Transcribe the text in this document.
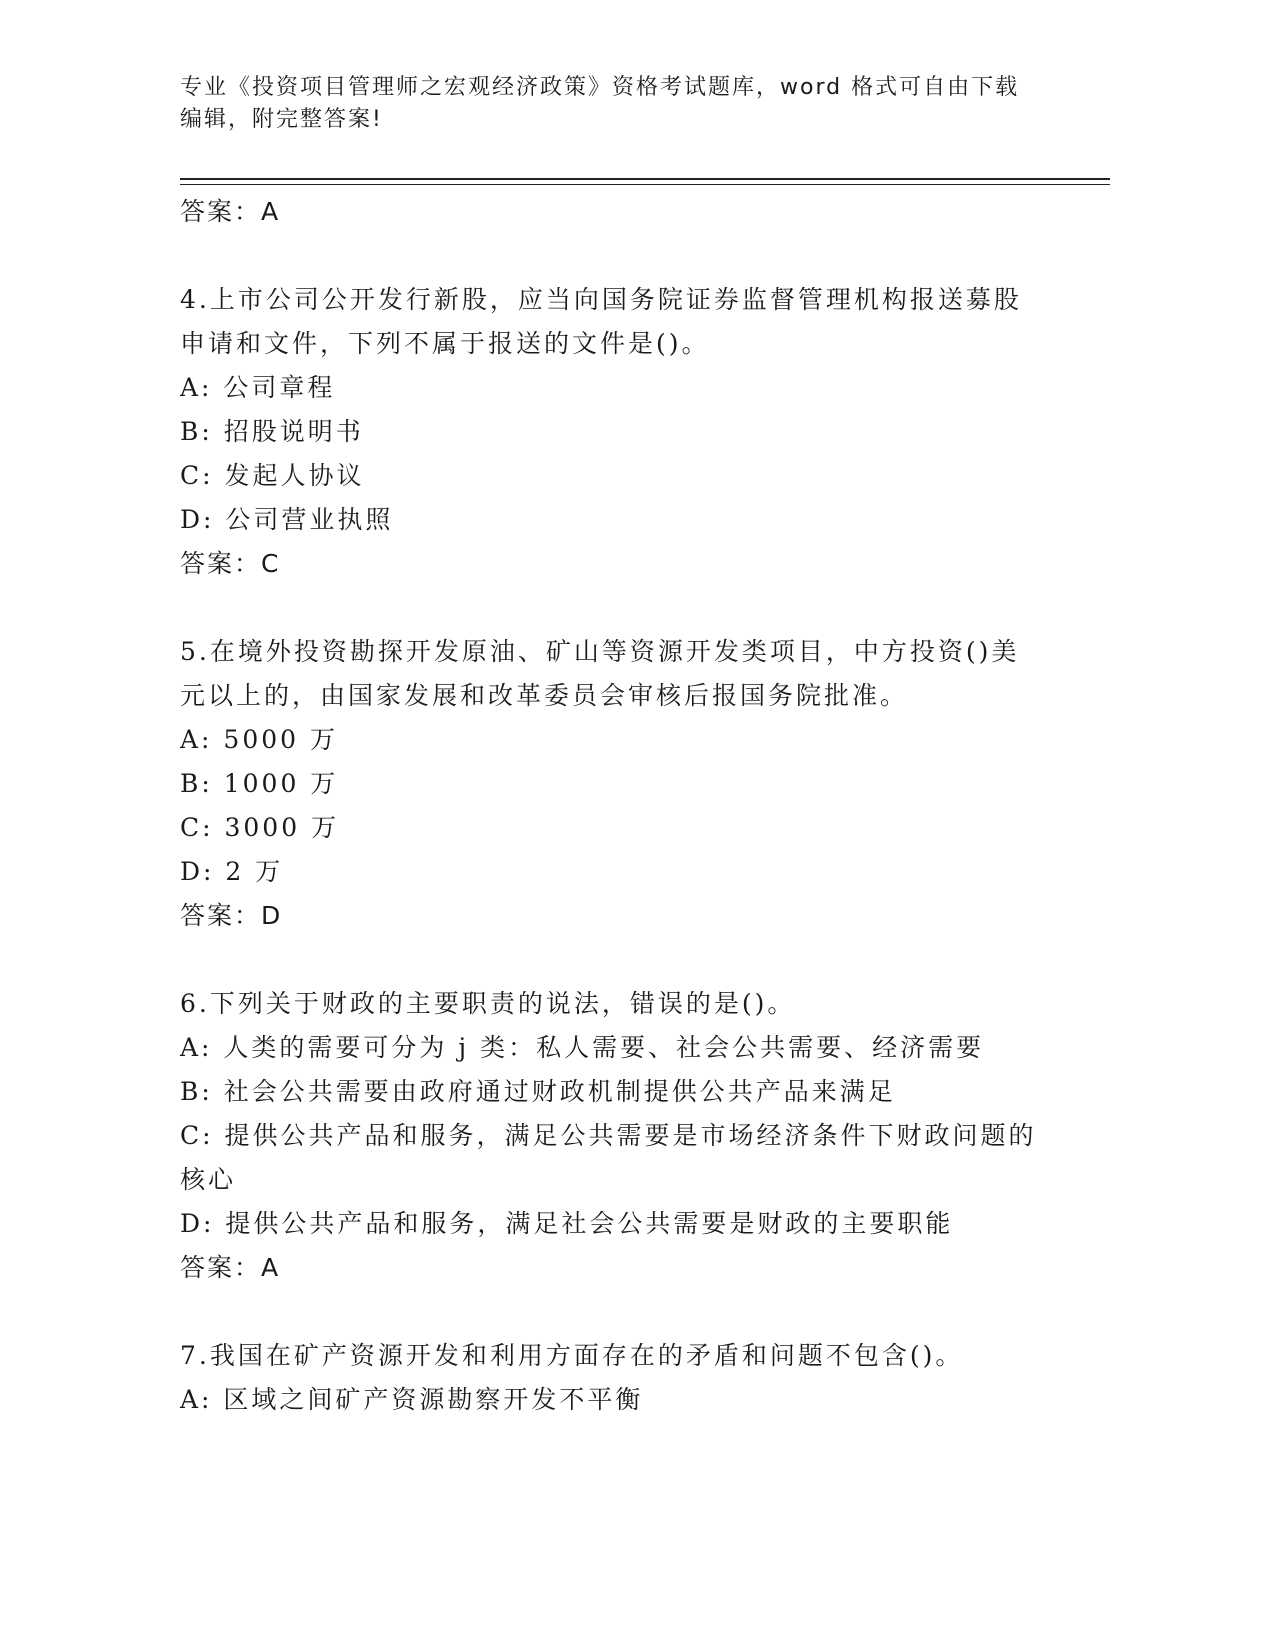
专业《投资项目管理师之宏观经济政策》资格考试题库，word 格式可自由下载编辑，附完整答案!
答案：A
4.上市公司公开发行新股，应当向国务院证券监督管理机构报送募股
申请和文件，下列不属于报送的文件是()。
A: 公司章程
B: 招股说明书
C: 发起人协议
D: 公司营业执照
答案：C
5.在境外投资勘探开发原油、矿山等资源开发类项目，中方投资()美
元以上的，由国家发展和改革委员会审核后报国务院批准。
A: 5000 万
B: 1000 万
C: 3000 万
D: 2 万
答案：D
6.下列关于财政的主要职责的说法，错误的是()。
A: 人类的需要可分为 j 类：私人需要、社会公共需要、经济需要
B: 社会公共需要由政府通过财政机制提供公共产品来满足
C: 提供公共产品和服务，满足公共需要是市场经济条件下财政问题的
核心
D: 提供公共产品和服务，满足社会公共需要是财政的主要职能
答案：A
7.我国在矿产资源开发和利用方面存在的矛盾和问题不包含()。
A: 区域之间矿产资源勘察开发不平衡
